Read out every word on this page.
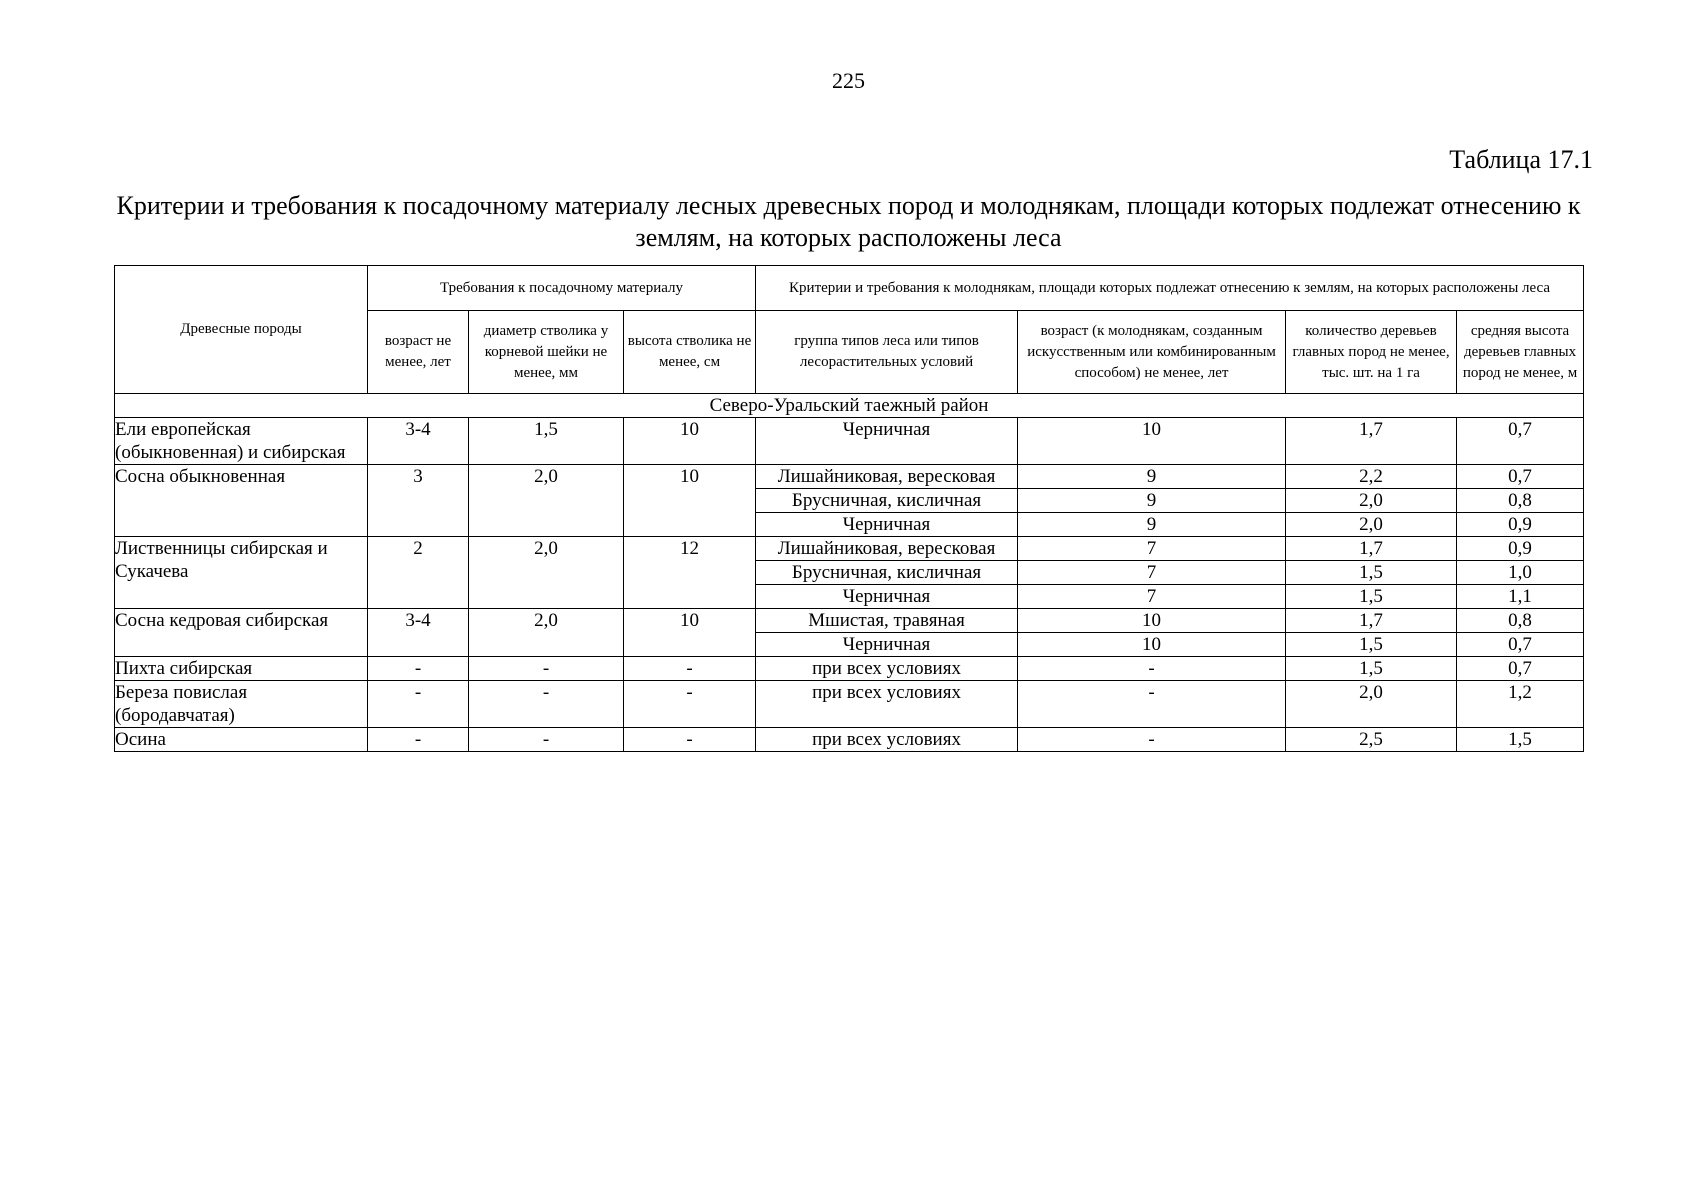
225
Таблица 17.1
Критерии и требования к посадочному материалу лесных древесных пород и молоднякам, площади которых подлежат отнесению к землям, на которых расположены леса
Древесные породы	Требования к посадочному материалу			Критерии и требования к молоднякам, площади которых подлежат отнесению к землям, на которых расположены леса			
	возраст не менее, лет	диаметр стволика у корневой шейки не менее, мм	высота стволика не менее, см	группа типов леса или типов лесорастительных условий	возраст (к молоднякам, созданным искусственным или комбинированным способом) не менее, лет	количество деревьев главных пород не менее, тыс. шт. на 1 га	средняя высота деревьев главных пород не менее, м
Северо-Уральский таежный район							
Ели европейская (обыкновенная) и сибирская	3-4	1,5	10	Черничная	10	1,7	0,7
Сосна обыкновенная	3	2,0	10	Лишайниковая, вересковая	9	2,2	0,7
				Брусничная, кисличная	9	2,0	0,8
				Черничная	9	2,0	0,9
Лиственницы сибирская и Сукачева	2	2,0	12	Лишайниковая, вересковая	7	1,7	0,9
				Брусничная, кисличная	7	1,5	1,0
				Черничная	7	1,5	1,1
Сосна кедровая сибирская	3-4	2,0	10	Мшистая, травяная	10	1,7	0,8
				Черничная	10	1,5	0,7
Пихта сибирская	-	-	-	при всех условиях	-	1,5	0,7
Береза повислая (бородавчатая)	-	-	-	при всех условиях	-	2,0	1,2
Осина	-	-	-	при всех условиях	-	2,5	1,5
